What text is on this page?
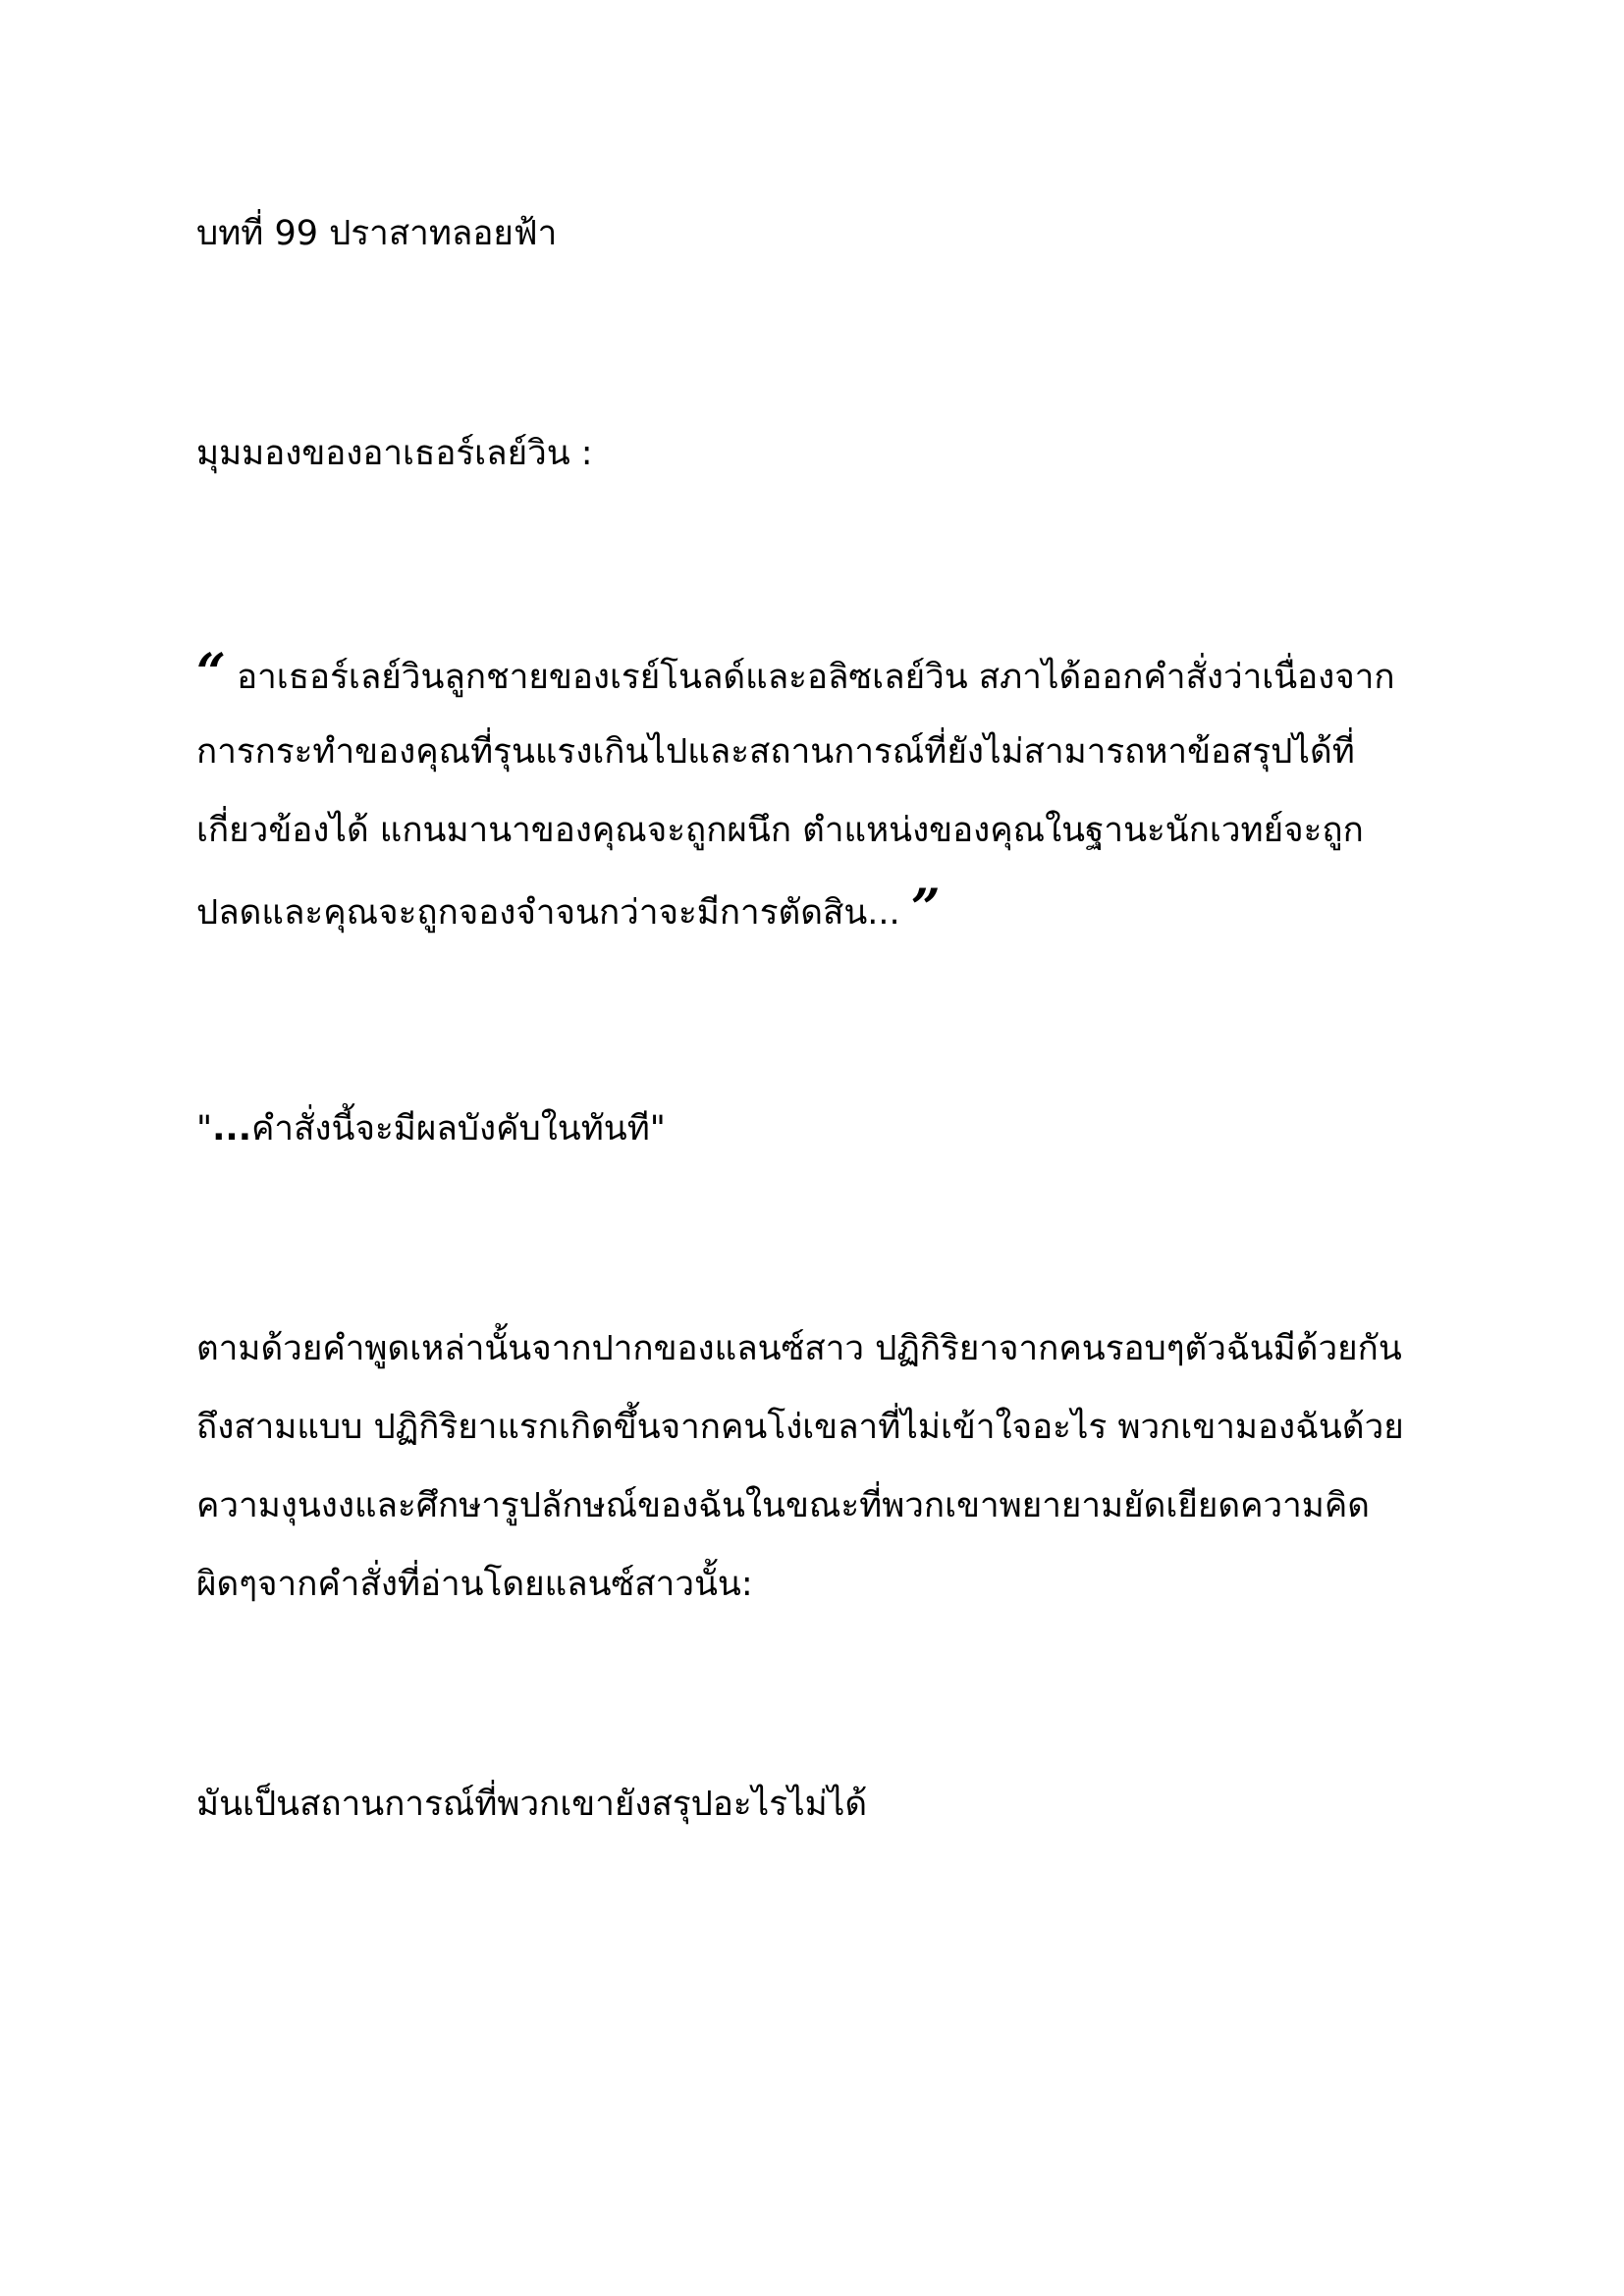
บทที่ 99 ปราสาทลอยฟ้า
มุมมองของอาเธอร์เลย์วิน :
“ อาเธอร์เลย์วินลูกชายของเรย์โนลด์และอลิซเลย์วิน สภาได้ออกคำสั่งว่าเนื่องจาก
การกระทำของคุณที่รุนแรงเกินไปและสถานการณ์ที่ยังไม่สามารถหาข้อสรุปได้ที่
เกี่ยวข้องได้ แกนมานาของคุณจะถูกผนึก ตำแหน่งของคุณในฐานะนักเวทย์จะถูก
ปลดและคุณจะถูกจองจำจนกว่าจะมีการตัดสิน... ”
"...คำสั่งนี้จะมีผลบังคับในทันที"
ตามด้วยคำพูดเหล่านั้นจากปากของแลนซ์สาว ปฏิกิริยาจากคนรอบๆตัวฉันมีด้วยกัน
ถึงสามแบบ ปฏิกิริยาแรกเกิดขึ้นจากคนโง่เขลาที่ไม่เข้าใจอะไร พวกเขามองฉันด้วย
ความงุนงงและศึกษารูปลักษณ์ของฉันในขณะที่พวกเขาพยายามยัดเยียดความคิด
ผิดๆจากคำสั่งที่อ่านโดยแลนซ์สาวนั้น:
มันเป็นสถานการณ์ที่พวกเขายังสรุปอะไรไม่ได้
